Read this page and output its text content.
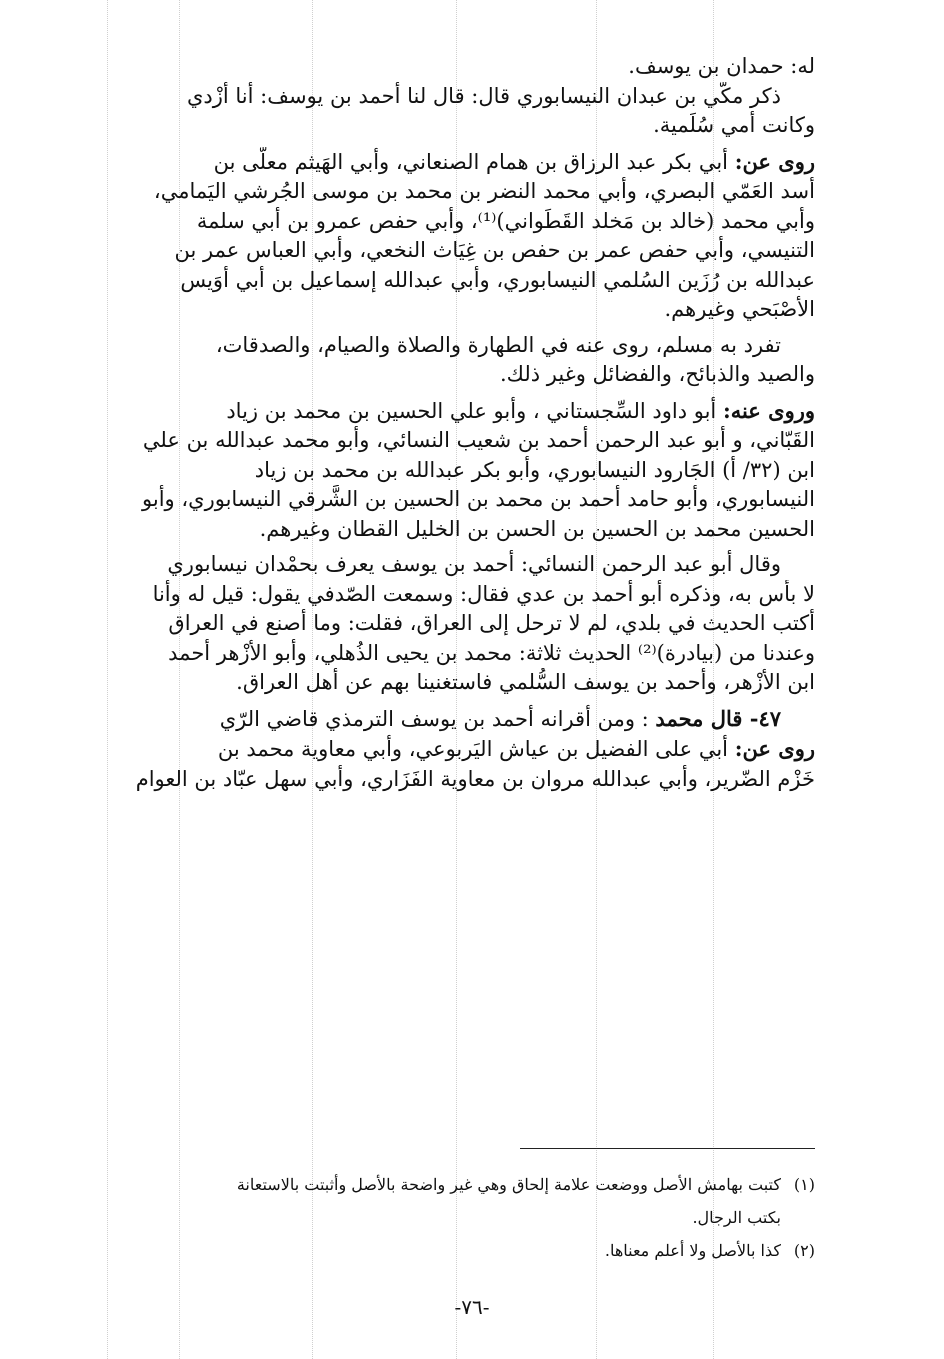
له: حمدان بن يوسف.
ذكر مكّي بن عبدان النيسابوري قال: قال لنا أحمد بن يوسف: أنا أزْدي
وكانت أمي سُلَمية.
روى عن: أبي بكر عبد الرزاق بن همام الصنعاني، وأبي الهَيثم معلّى بن
أسد العَمّي البصري، وأبي محمد النضر بن محمد بن موسى الجُرشي اليَمامي،
وأبي محمد (خالد بن مَخلد القَطَواني)⁽¹⁾، وأبي حفص عمرو بن أبي سلمة
التنيسي، وأبي حفص عمر بن حفص بن غِيَاث النخعي، وأبي العباس عمر بن
عبدالله بن رُزَين السُلمي النيسابوري، وأبي عبدالله إسماعيل بن أبي أُوَيس
الأَصْبَحي وغيرهم.
تفرد به مسلم، روى عنه في الطهارة والصلاة والصيام، والصدقات،
والصيد والذبائح، والفضائل وغير ذلك.
وروى عنه: أبو داود السِّجستاني ، وأبو علي الحسين بن محمد بن زياد
القَبّاني، و أبو عبد الرحمن أحمد بن شعيب النسائي، وأبو محمد عبدالله بن علي
ابن (٣٢/ أ) الجَارود النيسابوري، وأبو بكر عبدالله بن محمد بن زياد
النيسابوري، وأبو حامد أحمد بن محمد بن الحسين بن الشَّرقي النيسابوري، وأبو
الحسين محمد بن الحسين بن الحسن بن الخليل القطان وغيرهم.
وقال أبو عبد الرحمن النسائي: أحمد بن يوسف يعرف بحمْدان نيسابوري
لا بأس به، وذكره أبو أحمد بن عدي فقال: وسمعت الصّدفي يقول: قيل له وأنا
أكتب الحديث في بلدي، لم لا ترحل إلى العراق، فقلت: وما أصنع في العراق
وعندنا من (بيادرة)⁽²⁾ الحديث ثلاثة: محمد بن يحيى الذُهلي، وأبو الأزْهر أحمد
ابن الأَزْهر، وأحمد بن يوسف السُّلمي فاستغنينا بهم عن أهل العراق.
٤٧- قال محمد : ومن أقرانه أحمد بن يوسف الترمذي قاضي الرّي
روى عن: أبي على الفضيل بن عياش اليَربوعي، وأبي معاوية محمد بن
خَزْم الضّرير، وأبي عبدالله مروان بن معاوية الفَزَاري، وأبي سهل عبّاد بن العوام
(١)كتبت بهامش الأصل ووضعت علامة إلحاق وهي غير واضحة بالأصل وأثبتت بالاستعانة
بكتب الرجال.
(٢)كذا بالأصل ولا أعلم معناها.
-٧٦-
